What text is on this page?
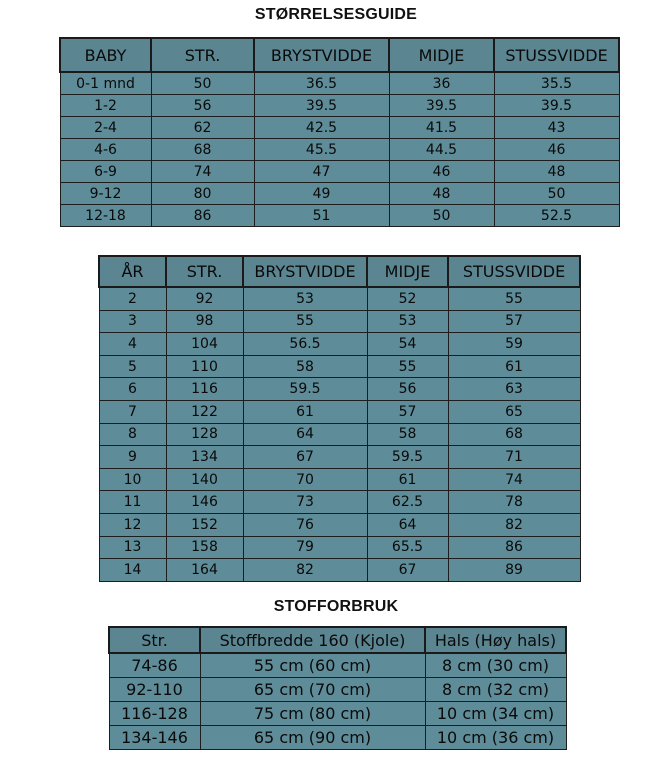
STØRRELSESGUIDE
BABY	STR.	BRYSTVIDDE	MIDJE	STUSSVIDDE
0-1 mnd	50	36.5	36	35.5
1-2	56	39.5	39.5	39.5
2-4	62	42.5	41.5	43
4-6	68	45.5	44.5	46
6-9	74	47	46	48
9-12	80	49	48	50
12-18	86	51	50	52.5
ÅR	STR.	BRYSTVIDDE	MIDJE	STUSSVIDDE
2	92	53	52	55
3	98	55	53	57
4	104	56.5	54	59
5	110	58	55	61
6	116	59.5	56	63
7	122	61	57	65
8	128	64	58	68
9	134	67	59.5	71
10	140	70	61	74
11	146	73	62.5	78
12	152	76	64	82
13	158	79	65.5	86
14	164	82	67	89
STOFFORBRUK
Str.	Stoffbredde 160 (Kjole)	Hals (Høy hals)
74-86	55 cm (60 cm)	8 cm (30 cm)
92-110	65 cm (70 cm)	8 cm (32 cm)
116-128	75 cm (80 cm)	10 cm (34 cm)
134-146	65 cm (90 cm)	10 cm (36 cm)
